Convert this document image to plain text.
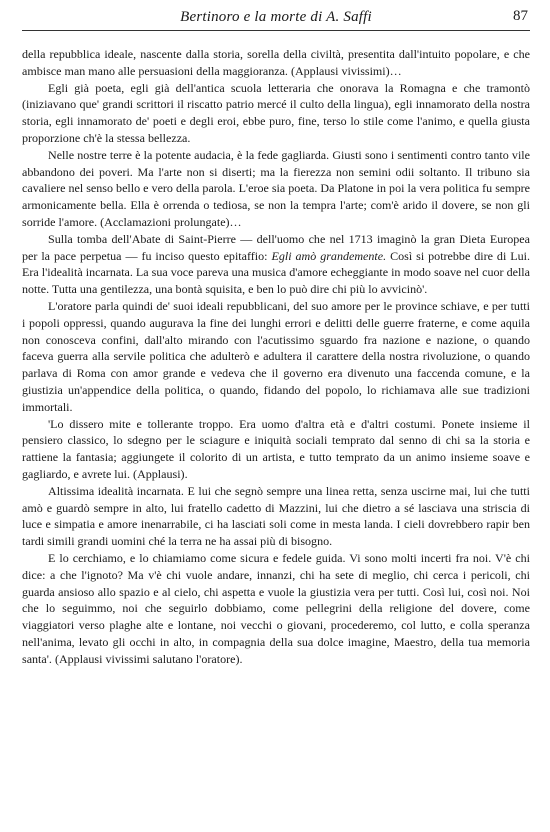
Bertinoro e la morte di A. Saffi	87

della repubblica ideale, nascente dalla storia, sorella della civiltà, presentita dall'intuito popolare, e che ambisce man mano alle persuasioni della maggioranza. (Applausi vivissimi)…

Egli già poeta, egli già dell'antica scuola letteraria che onorava la Romagna e che tramontò (iniziavano que' grandi scrittori il riscatto patrio mercé il culto della lingua), egli innamorato della nostra storia, egli innamorato de' poeti e degli eroi, ebbe puro, fine, terso lo stile come l'animo, e quella giusta proporzione ch'è la stessa bellezza.

Nelle nostre terre è la potente audacia, è la fede gagliarda. Giusti sono i sentimenti contro tanto vile abbandono dei poveri. Ma l'arte non si diserti; ma la fierezza non semini odii soltanto. Il tribuno sia cavaliere nel senso bello e vero della parola. L'eroe sia poeta. Da Platone in poi la vera politica fu sempre armonicamente bella. Ella è orrenda o tediosa, se non la tempra l'arte; com'è arido il dovere, se non gli sorride l'amore. (Acclamazioni prolungate)…

Sulla tomba dell'Abate di Saint-Pierre — dell'uomo che nel 1713 imaginò la gran Dieta Europea per la pace perpetua — fu inciso questo epitaffio: Egli amò grandemente. Così si potrebbe dire di Lui. Era l'idealità incarnata. La sua voce pareva una musica d'amore echeggiante in modo soave nel cuor della notte. Tutta una gentilezza, una bontà squisita, e ben lo può dire chi più lo avvicinò'.

L'oratore parla quindi de' suoi ideali repubblicani, del suo amore per le province schiave, e per tutti i popoli oppressi, quando augurava la fine dei lunghi errori e delitti delle guerre fraterne, e come aquila non conosceva confini, dall'alto mirando con l'acutissimo sguardo fra nazione e nazione, o quando faceva guerra alla servile politica che adulterò e adultera il carattere della nostra rivoluzione, o quando parlava di Roma con amor grande e vedeva che il governo era divenuto una faccenda comune, e la giustizia un'appendice della politica, o quando, fidando del popolo, lo richiamava alle sue tradizioni immortali.

'Lo dissero mite e tollerante troppo. Era uomo d'altra età e d'altri costumi. Ponete insieme il pensiero classico, lo sdegno per le sciagure e iniquità sociali temprato dal senno di chi sa la storia e rattiene la fantasia; aggiungete il colorito di un artista, e tutto temprato da un animo insieme soave e gagliardo, e avrete lui. (Applausi).

Altissima idealità incarnata. E lui che segnò sempre una linea retta, senza uscirne mai, lui che tutti amò e guardò sempre in alto, lui fratello cadetto di Mazzini, lui che dietro a sé lasciava una striscia di luce e simpatia e amore inenarrabile, ci ha lasciati soli come in mesta landa. I cieli dovrebbero rapir ben tardi simili grandi uomini ché la terra ne ha assai più di bisogno.

E lo cerchiamo, e lo chiamiamo come sicura e fedele guida. Vi sono molti incerti fra noi. V'è chi dice: a che l'ignoto? Ma v'è chi vuole andare, innanzi, chi ha sete di meglio, chi cerca i pericoli, chi guarda ansioso allo spazio e al cielo, chi aspetta e vuole la giustizia vera per tutti. Così lui, così noi. Noi che lo seguimmo, noi che seguirlo dobbiamo, come pellegrini della religione del dovere, come viaggiatori verso plaghe alte e lontane, noi vecchi o giovani, procederemo, col lutto, e colla speranza nell'anima, levato gli occhi in alto, in compagnia della sua dolce imagine, Maestro, della tua memoria santa'. (Applausi vivissimi salutano l'oratore).
